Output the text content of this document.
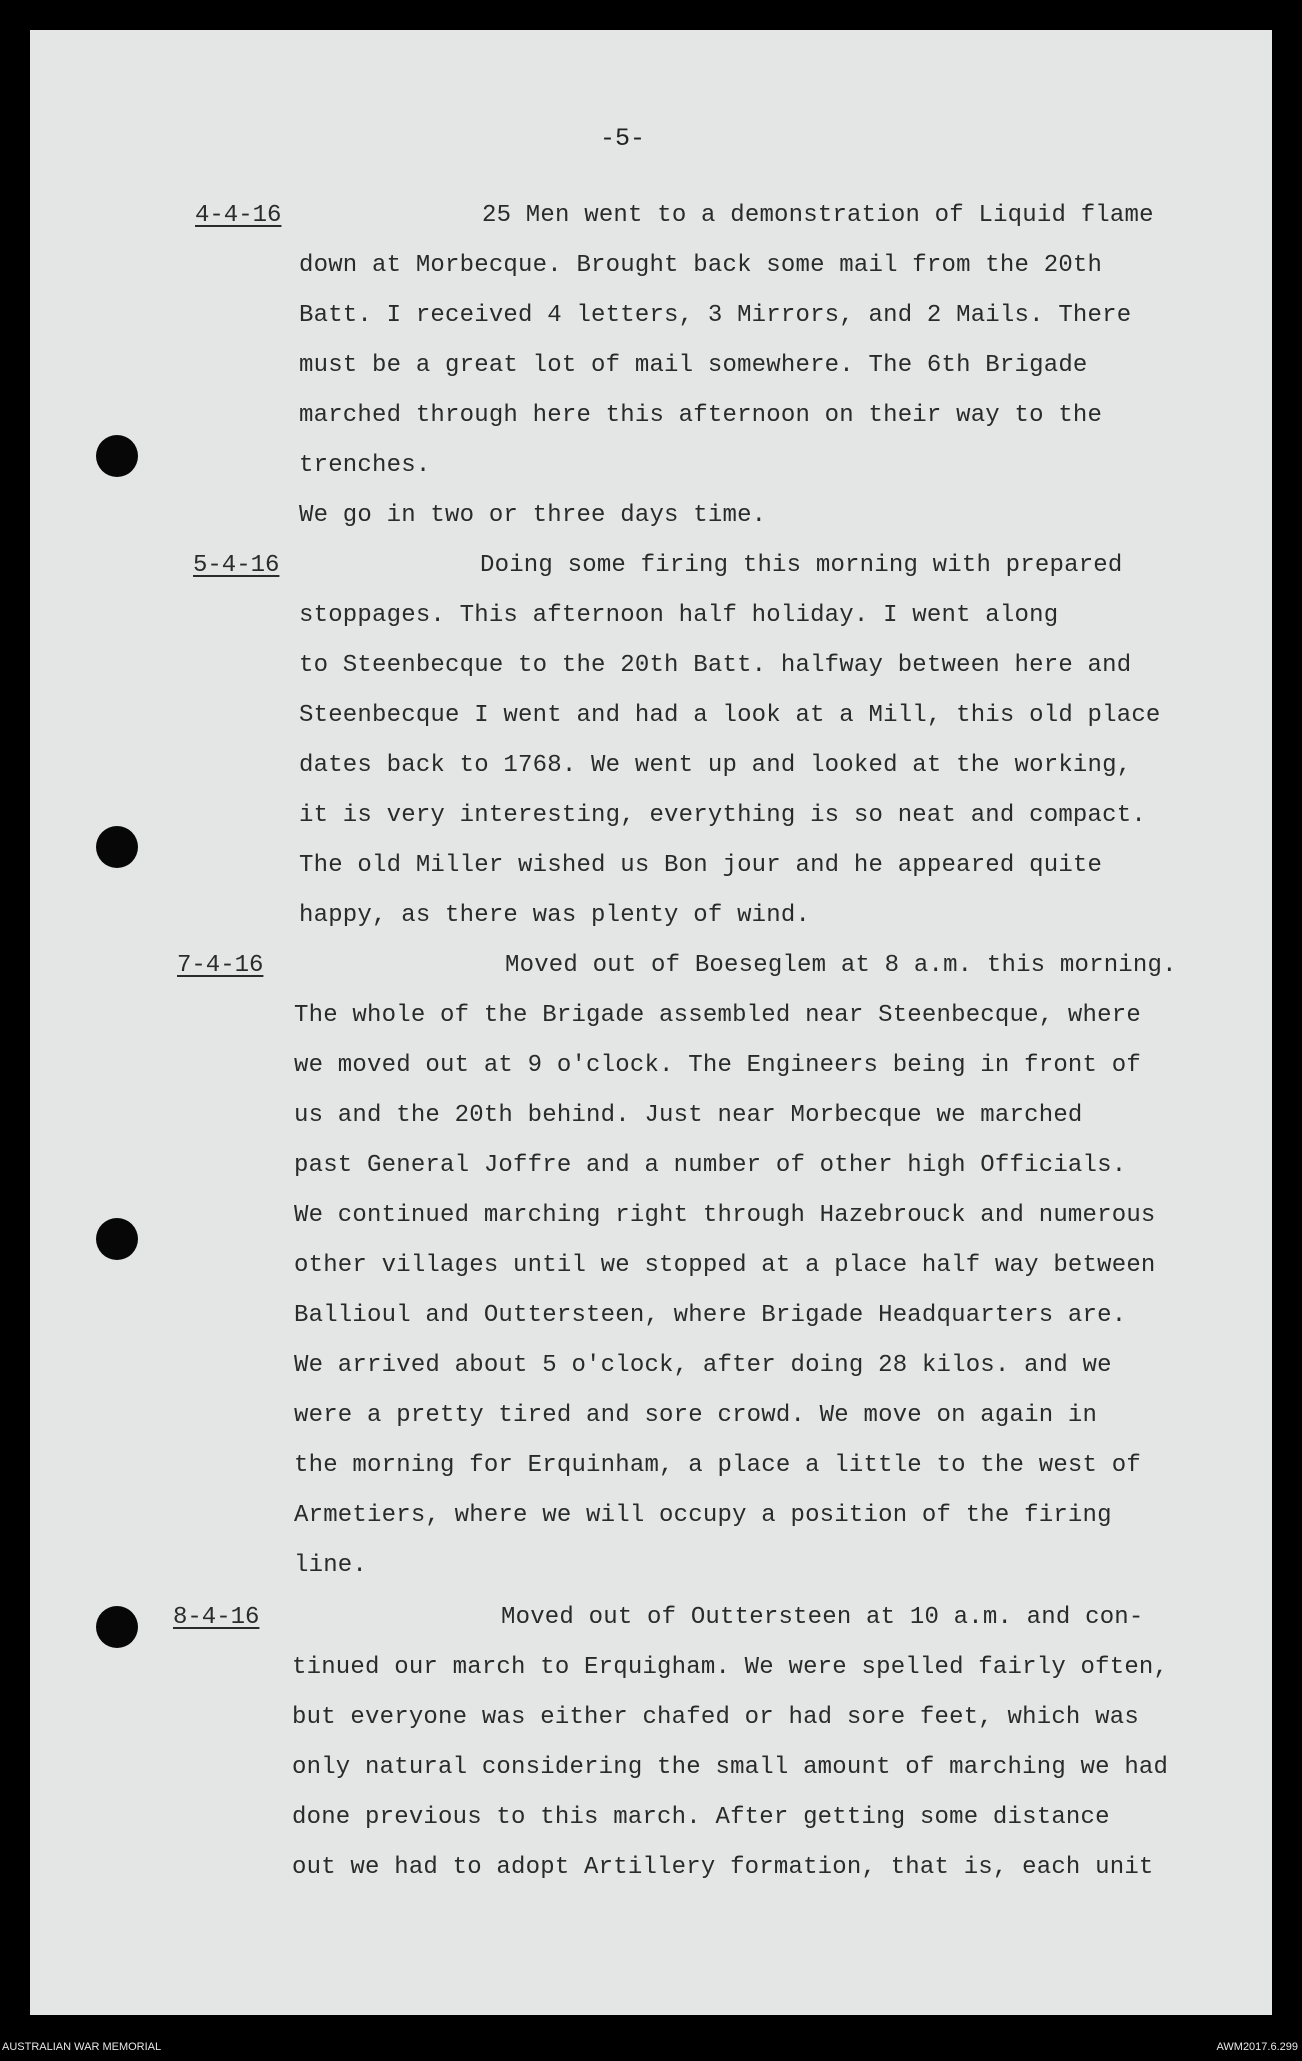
-5-
4-4-16	25 Men went to a demonstration of Liquid flame
down at Morbecque. Brought back some mail from the 20th
Batt. I received 4 letters, 3 Mirrors, and 2 Mails. There
must be a great lot of mail somewhere. The 6th Brigade
marched through here this afternoon on their way to the
trenches.
We go in two or three days time.
5-4-16	Doing some firing this morning with prepared
stoppages. This afternoon half holiday. I went along
to Steenbecque to the 20th Batt. halfway between here and
Steenbecque I went and had a look at a Mill, this old place
dates back to 1768. We went up and looked at the working,
it is very interesting, everything is so neat and compact.
The old Miller wished us Bon jour and he appeared quite
happy, as there was plenty of wind.
7-4-16	Moved out of Boeseglem at 8 a.m. this morning.
The whole of the Brigade assembled near Steenbecque, where
we moved out at 9 o'clock. The Engineers being in front of
us and the 20th behind. Just near Morbecque we marched
past General Joffre and a number of other high Officials.
We continued marching right through Hazebrouck and numerous
other villages until we stopped at a place half way between
Ballioul and Outtersteen, where Brigade Headquarters are.
We arrived about 5 o'clock, after doing 28 kilos. and we
were a pretty tired and sore crowd. We move on again in
the morning for Erquinham, a place a little to the west of
Armetiers, where we will occupy a position of the firing
line.
8-4-16	Moved out of Outtersteen at 10 a.m. and con-
tinued our march to Erquigham. We were spelled fairly often,
but everyone was either chafed or had sore feet, which was
only natural considering the small amount of marching we had
done previous to this march. After getting some distance
out we had to adopt Artillery formation, that is, each unit
AUSTRALIAN WAR MEMORIAL	AWM2017.6.299
